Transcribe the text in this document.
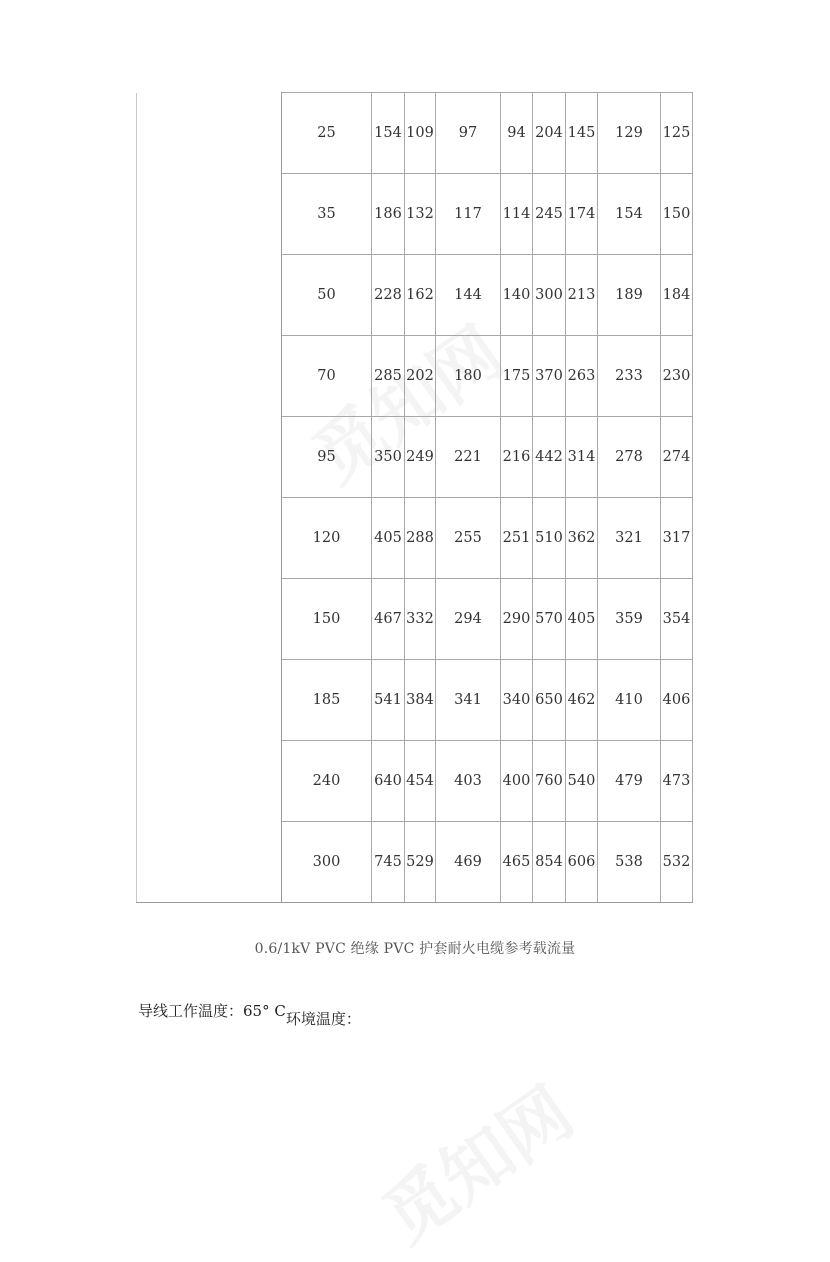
	25	154	109	97	94	204	145	129	125
	35	186	132	117	114	245	174	154	150
	50	228	162	144	140	300	213	189	184
	70	285	202	180	175	370	263	233	230
	95	350	249	221	216	442	314	278	274
	120	405	288	255	251	510	362	321	317
	150	467	332	294	290	570	405	359	354
	185	541	384	341	340	650	462	410	406
	240	640	454	403	400	760	540	479	473
	300	745	529	469	465	854	606	538	532
0.6/1kV PVC 绝缘 PVC 护套耐火电缆参考载流量
导线工作温度：65° C环境温度：
